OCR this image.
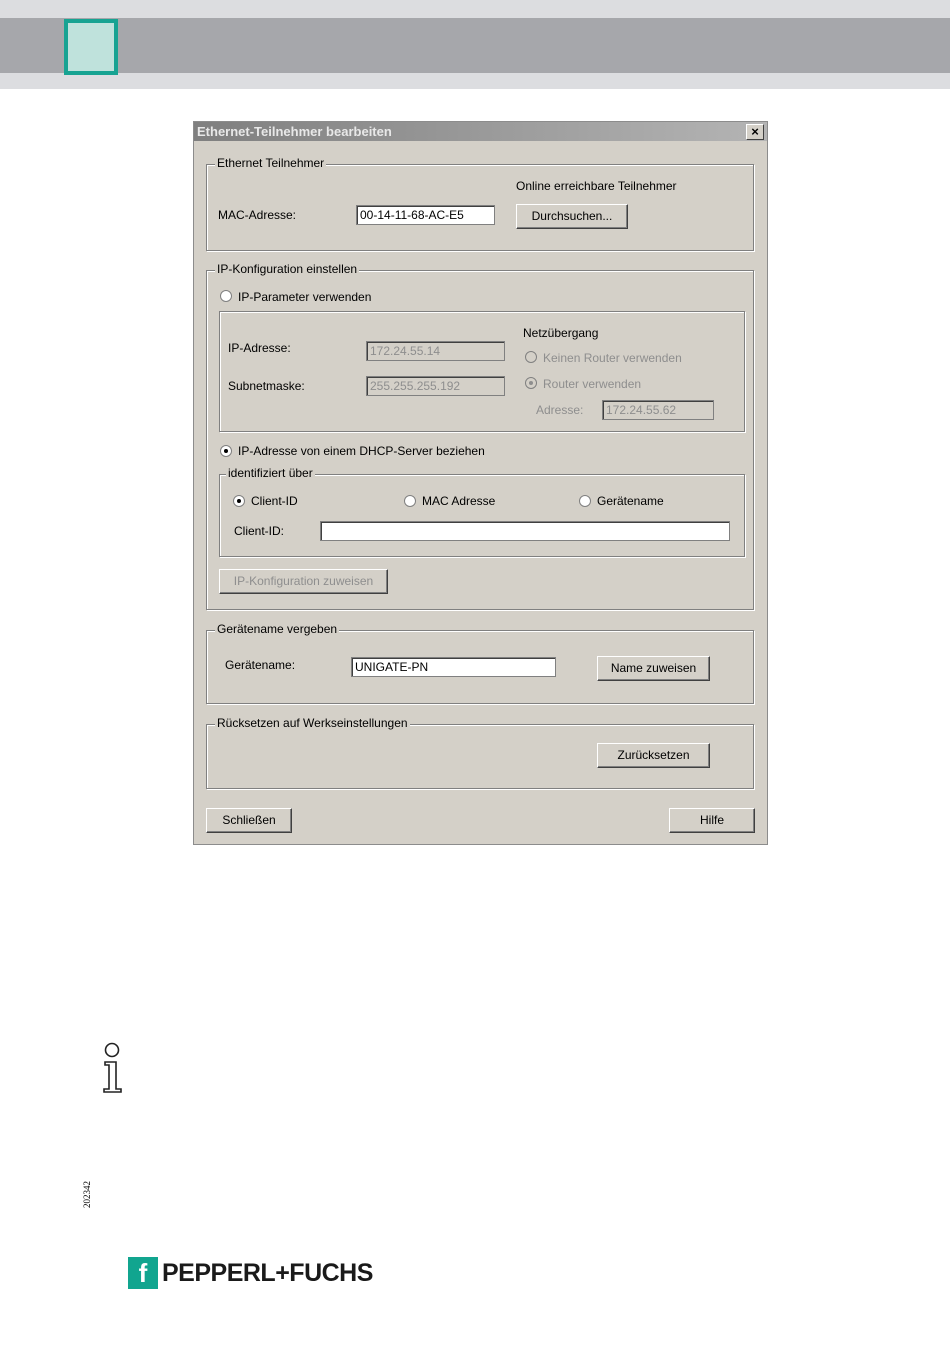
Ethernet-Teilnehmer bearbeiten	×
Ethernet Teilnehmer
Online erreichbare Teilnehmer
MAC-Adresse:	00-14-11-68-AC-E5	Durchsuchen...
IP-Konfiguration einstellen
IP-Parameter verwenden
IP-Adresse:	172.24.55.14
Subnetmaske:	255.255.255.192
Netzübergang
Keinen Router verwenden
Router verwenden
Adresse:	172.24.55.62
IP-Adresse von einem DHCP-Server beziehen
identifiziert über
Client-ID	MAC Adresse	Gerätename
Client-ID:
IP-Konfiguration zuweisen
Gerätename vergeben
Gerätename:	UNIGATE-PN	Name zuweisen
Rücksetzen auf Werkseinstellungen
Zurücksetzen
Schließen	Hilfe
202342
f PEPPERL+FUCHS
